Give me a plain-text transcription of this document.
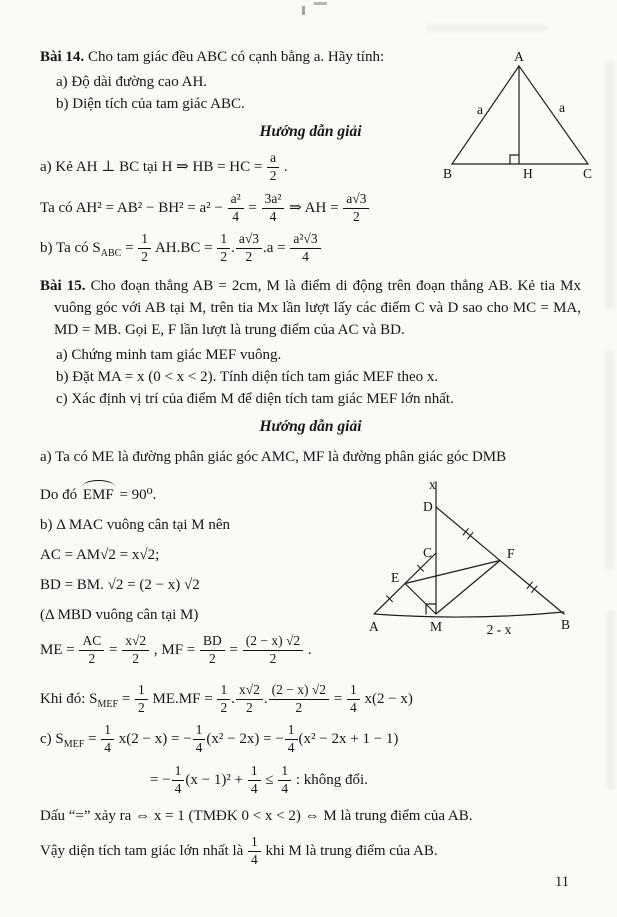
Bài 14. Cho tam giác đều ABC có cạnh bằng a. Hãy tính:
a) Độ dài đường cao AH.
b) Diện tích của tam giác ABC.
Hướng dẫn giải
a) Kẻ AH ⊥ BC tại H ⇒ HB = HC = $\frac{a}{2}$ .
Ta có $AH^2 = AB^2 - BH^2 = a^2 - \frac{\text{a²}}{4} = \frac{\text{3a²}}{4}$ ⇒ AH = $\frac{a√3}{2}$
b) Ta có $S_{ABC} = \frac{1}{2} AH.BC = \frac{1}{2}$ . $\frac{a√3}{2} .a = \frac{\text{a²√3}}{4}$
A
B	C
H
a	a
Bài 15. Cho đoạn thẳng AB = 2cm, M là điểm di động trên đoạn thẳng AB. Kẻ tia Mx vuông góc với AB tại M, trên tia Mx lần lượt lấy các điểm C và D sao cho MC = MA, MD = MB. Gọi E, F lần lượt là trung điểm của AC và BD.
a) Chứng minh tam giác MEF vuông.
b) Đặt MA = x (0 < x < 2). Tính diện tích tam giác MEF theo x.
c) Xác định vị trí của điểm M để diện tích tam giác MEF lớn nhất.
Hướng dẫn giải
a) Ta có ME là đường phân giác góc AMC, MF là đường phân giác góc DMB
Do đó EMF = 90⁰.
b) Δ MAC vuông cân tại M nên
AC = AM√2 = x√2;
BD = BM. √2 = (2 − x) √2
(Δ MBD vuông cân tại M)
ME = $\frac{AC}{2} = \frac{x√2}{2}$ , MF = $\frac{BD}{2} = \frac{(2 - x) √2}{2}$ .
x
D
C
E
F
A	M	B
2 - x
Khi đó: $S_{MEF} = \frac{1}{2} ME.MF = \frac{1}{2}$ . $\frac{x√2}{2}$ . $\frac{(2 - x) √2}{2} = \frac{1}{4} x(2 - x)$
c) $S_{MEF} = \frac{1}{4} x(2 - x)$ = − $\frac{1}{4} (x^2 - 2x)$ = − $\frac{1}{4} (x^2 - 2x + 1 - 1)$
= − $\frac{1}{4} (x - 1)^2 + \frac{1}{4} \le \frac{1}{4}$ : không đổi.
Dấu “=” xảy ra ⇔ x = 1 (TMĐK 0 < x < 2) ⇔ M là trung điểm của AB.
Vậy diện tích tam giác lớn nhất là $\frac{1}{4}$ khi M là trung điểm của AB.
11
